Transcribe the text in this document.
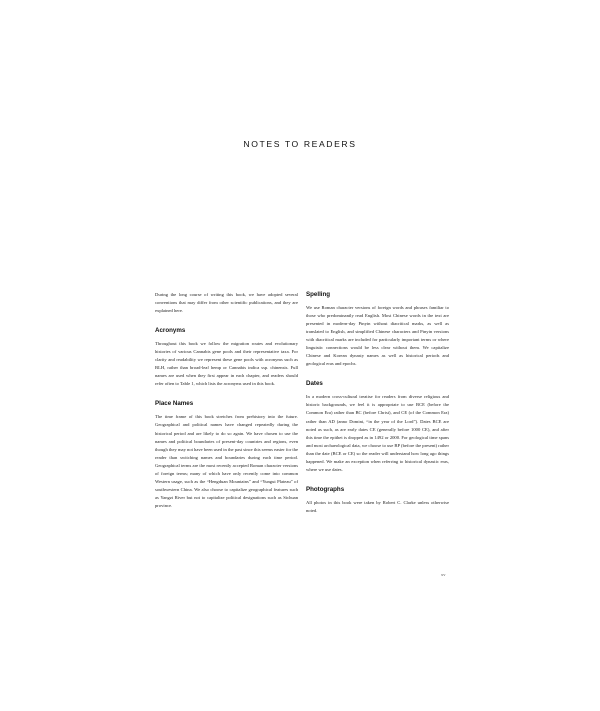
NOTES TO READERS

During the long course of writing this book, we have adopted several conventions that may differ from other scientific publications, and they are explained here.

Acronyms

Throughout this book we follow the migration routes and evolutionary histories of various Cannabis gene pools and their representative taxa. For clarity and readability we represent these gene pools with acronyms such as BLH, rather than broad-leaf hemp or Cannabis indica ssp. chinensis. Full names are used when they first appear in each chapter, and readers should refer often to Table 1, which lists the acronyms used in this book.

Place Names

The time frame of this book stretches from prehistory into the future. Geographical and political names have changed repeatedly during the historical period and are likely to do so again. We have chosen to use the names and political boundaries of present-day countries and regions, even though they may not have been used in the past since this seems easier for the reader than switching names and boundaries during each time period. Geographical terms are the most recently accepted Roman character versions of foreign terms; many of which have only recently come into common Western usage, such as the “Hengduan Mountains” and “Yungui Plateau” of southwestern China. We also choose to capitalize geographical features such as Yangzi River but not to capitalize political designations such as Sichuan province.

Spelling

We use Roman character versions of foreign words and phrases familiar to those who predominantly read English. Most Chinese words in the text are presented in modern-day Pinyin without diacritical marks, as well as translated to English, and simplified Chinese characters and Pinyin versions with diacritical marks are included for particularly important terms or where linguistic connections would be less clear without them. We capitalize Chinese and Korean dynasty names as well as historical periods and geological eras and epochs.

Dates

In a modern cross-cultural treatise for readers from diverse religious and historic backgrounds, we feel it is appropriate to use BCE (before the Common Era) rather than BC (before Christ), and CE (of the Common Era) rather than AD (anno Domini, “in the year of the Lord”). Dates BCE are noted as such, as are early dates CE (generally before 1000 CE), and after this time the epithet is dropped as in 1492 or 2000. For geological time spans and most archaeological data, we choose to use BP (before the present) rather than the date (BCE or CE) so the reader will understand how long ago things happened. We make an exception when referring to historical dynastic eras, where we use dates.

Photographs

All photos in this book were taken by Robert C. Clarke unless otherwise noted.

xv
